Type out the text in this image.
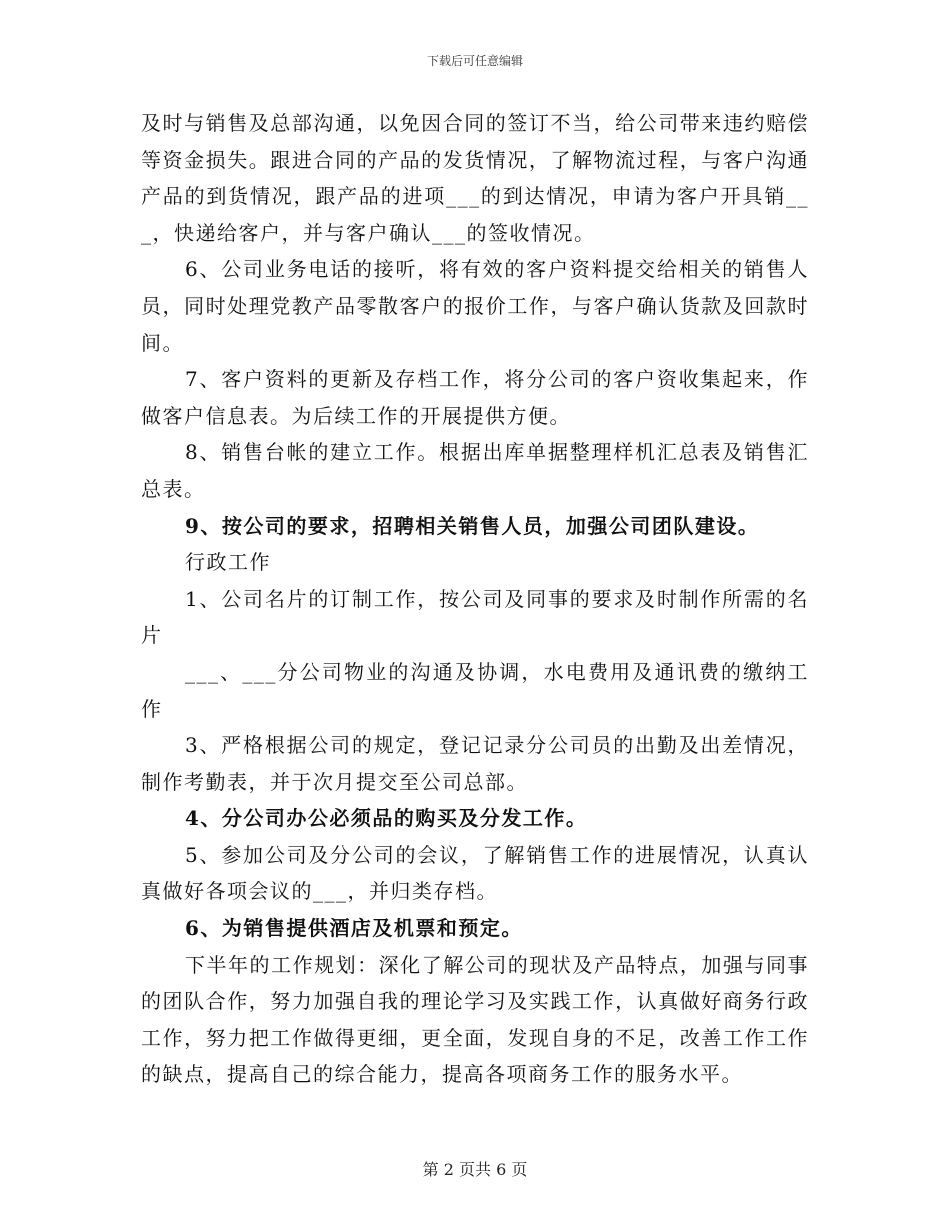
下载后可任意编辑

及时与销售及总部沟通，以免因合同的签订不当，给公司带来违约赔偿等资金损失。跟进合同的产品的发货情况，了解物流过程，与客户沟通产品的到货情况，跟产品的进项___的到达情况，申请为客户开具销___，快递给客户，并与客户确认___的签收情况。

6、公司业务电话的接听，将有效的客户资料提交给相关的销售人员，同时处理党教产品零散客户的报价工作，与客户确认货款及回款时间。

7、客户资料的更新及存档工作，将分公司的客户资收集起来，作做客户信息表。为后续工作的开展提供方便。

8、销售台帐的建立工作。根据出库单据整理样机汇总表及销售汇总表。

9、按公司的要求，招聘相关销售人员，加强公司团队建设。

行政工作

1、公司名片的订制工作，按公司及同事的要求及时制作所需的名片

___、___分公司物业的沟通及协调，水电费用及通讯费的缴纳工作

3、严格根据公司的规定，登记记录分公司员的出勤及出差情况，制作考勤表，并于次月提交至公司总部。

4、分公司办公必须品的购买及分发工作。

5、参加公司及分公司的会议，了解销售工作的进展情况，认真认真做好各项会议的___，并归类存档。

6、为销售提供酒店及机票和预定。

下半年的工作规划：深化了解公司的现状及产品特点，加强与同事的团队合作，努力加强自我的理论学习及实践工作，认真做好商务行政工作，努力把工作做得更细，更全面，发现自身的不足，改善工作工作的缺点，提高自己的综合能力，提高各项商务工作的服务水平。

第 2 页共 6 页
